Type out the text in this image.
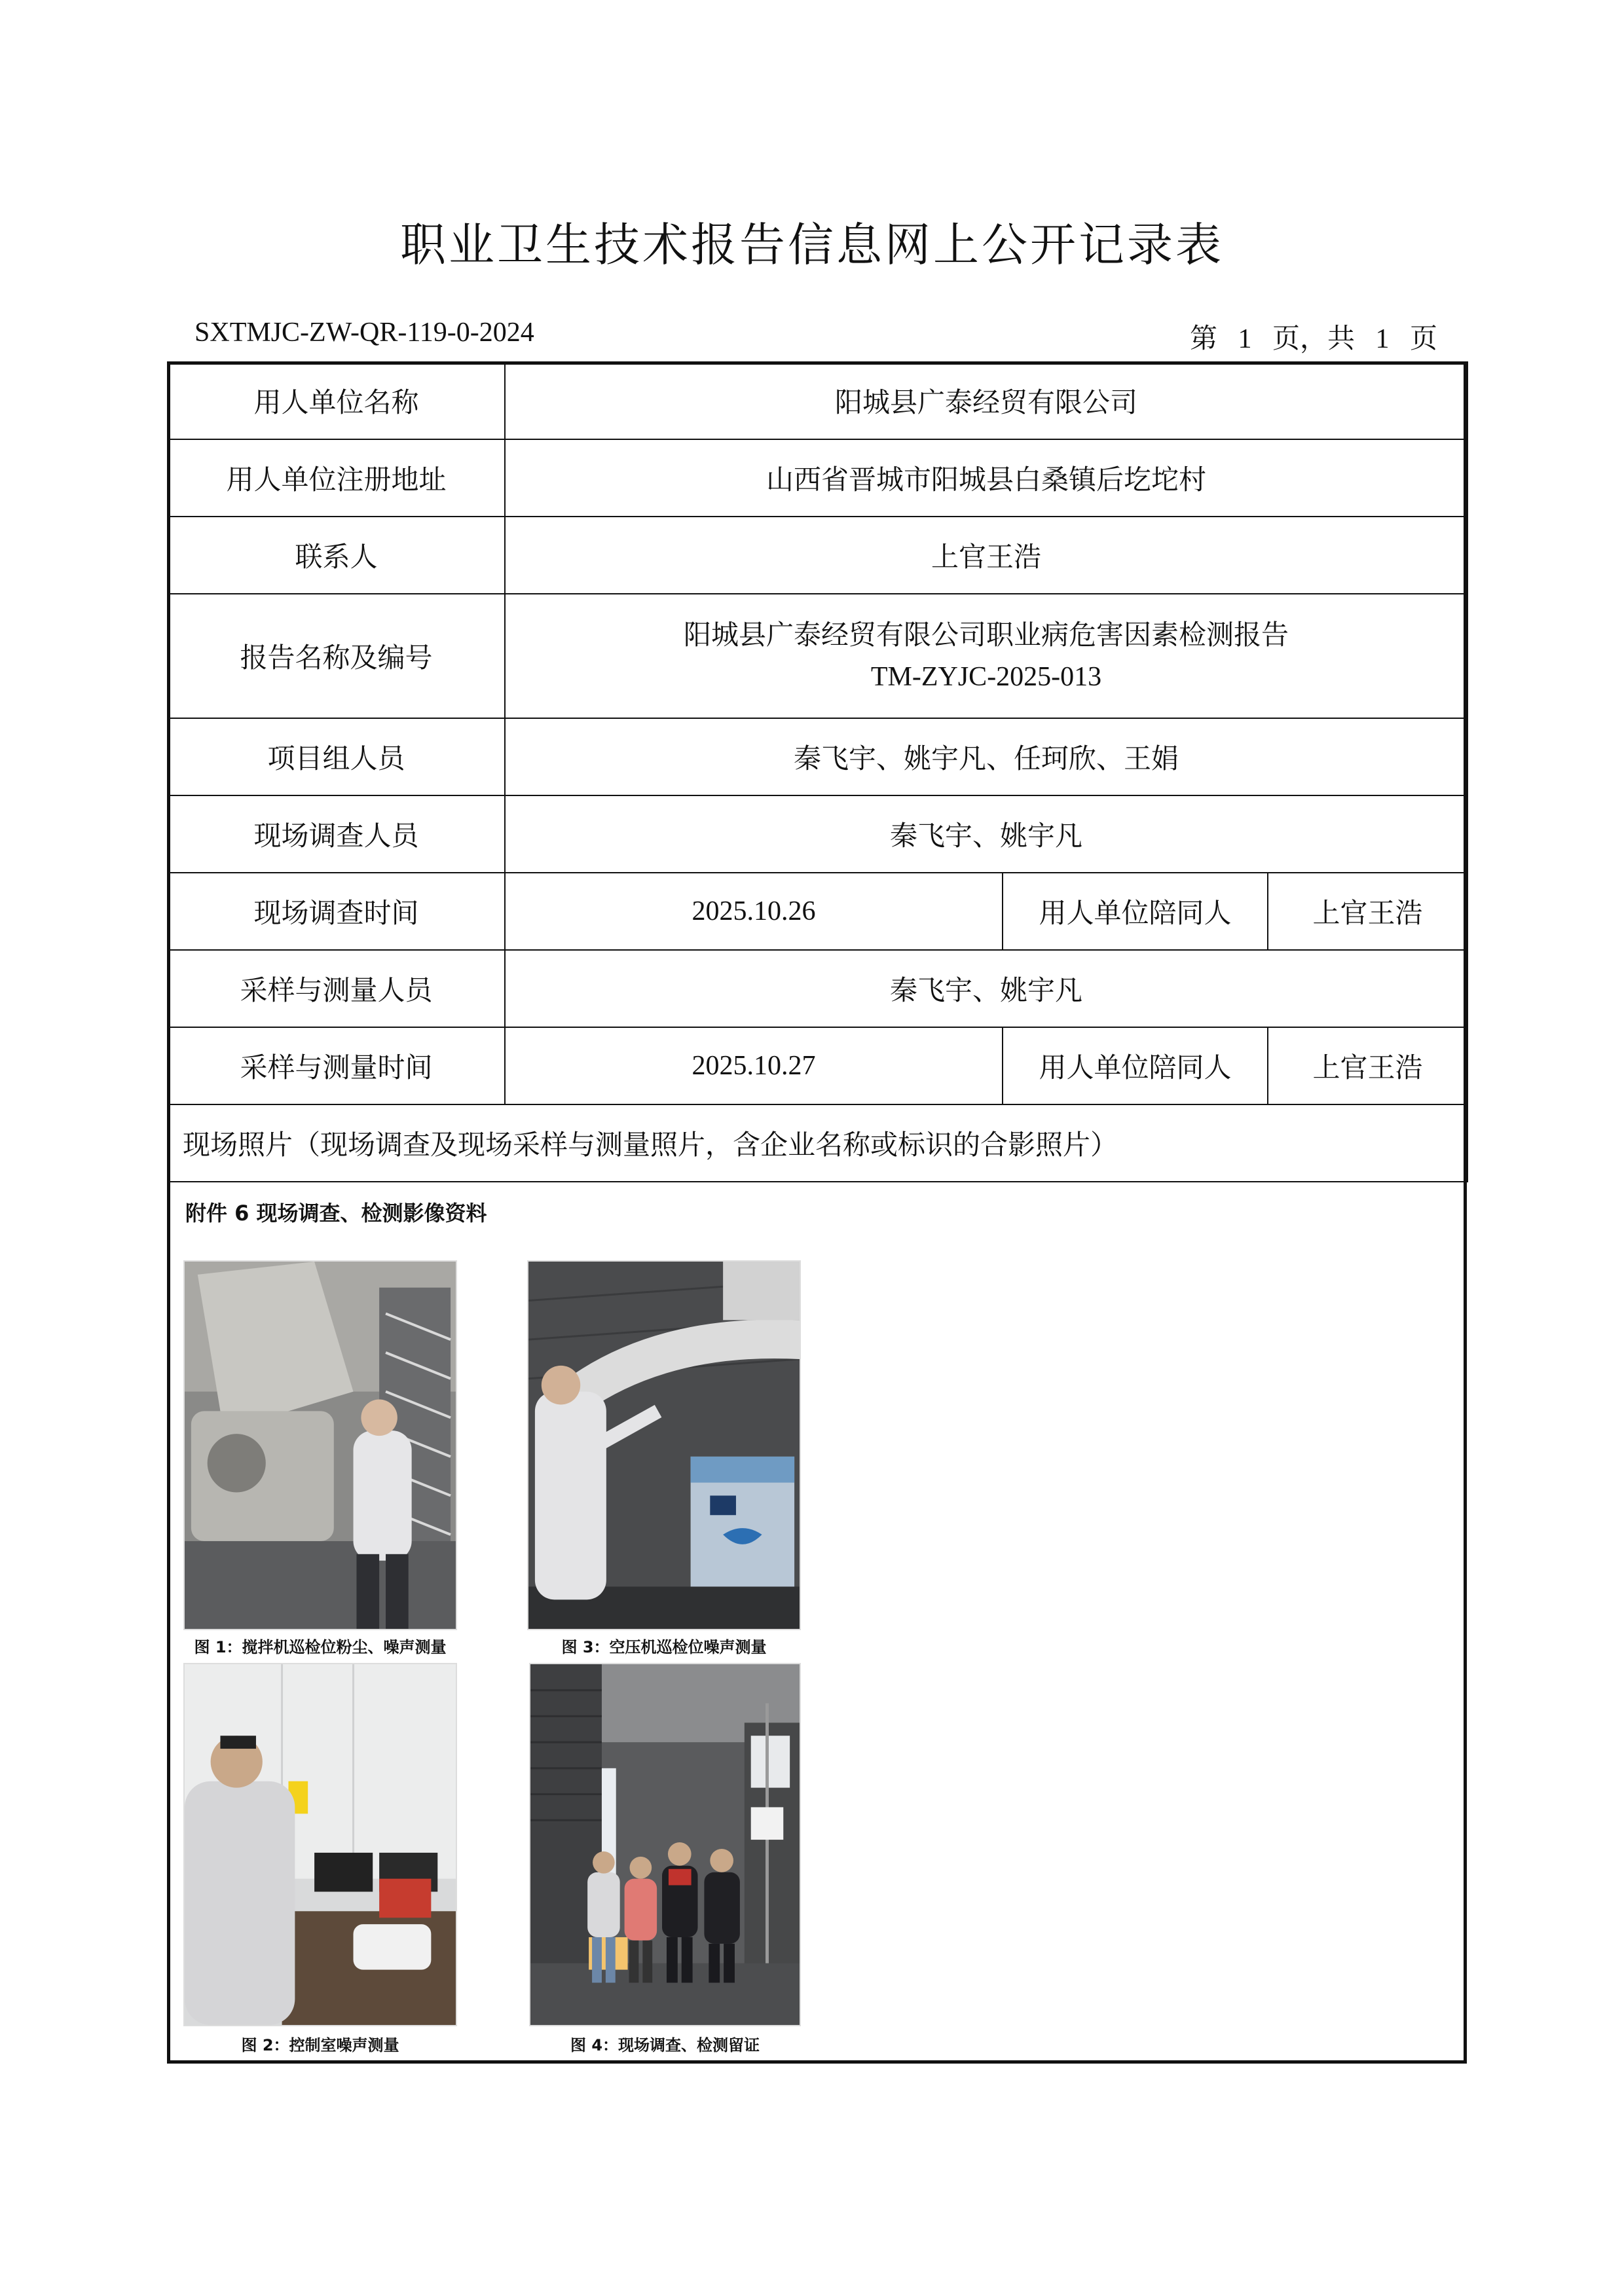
职业卫生技术报告信息网上公开记录表
SXTMJC-ZW-QR-119-0-2024	第   1   页，共   1   页
用人单位名称	阳城县广泰经贸有限公司		
用人单位注册地址	山西省晋城市阳城县白桑镇后圪坨村		
联系人	上官王浩		
报告名称及编号	阳城县广泰经贸有限公司职业病危害因素检测报告
TM-ZYJC-2025-013		

项目组人员	秦飞宇、姚宇凡、任珂欣、王娟		
现场调查人员	秦飞宇、姚宇凡		
现场调查时间	2025.10.26	用人单位陪同人	上官王浩
采样与测量人员	秦飞宇、姚宇凡		
采样与测量时间	2025.10.27	用人单位陪同人	上官王浩
现场照片（现场调查及现场采样与测量照片，含企业名称或标识的合影照片）			
附件 6 现场调查、检测影像资料
图 1：搅拌机巡检位粉尘、噪声测量	图 3：空压机巡检位噪声测量
图 2：控制室噪声测量	图 4：现场调查、检测留证
